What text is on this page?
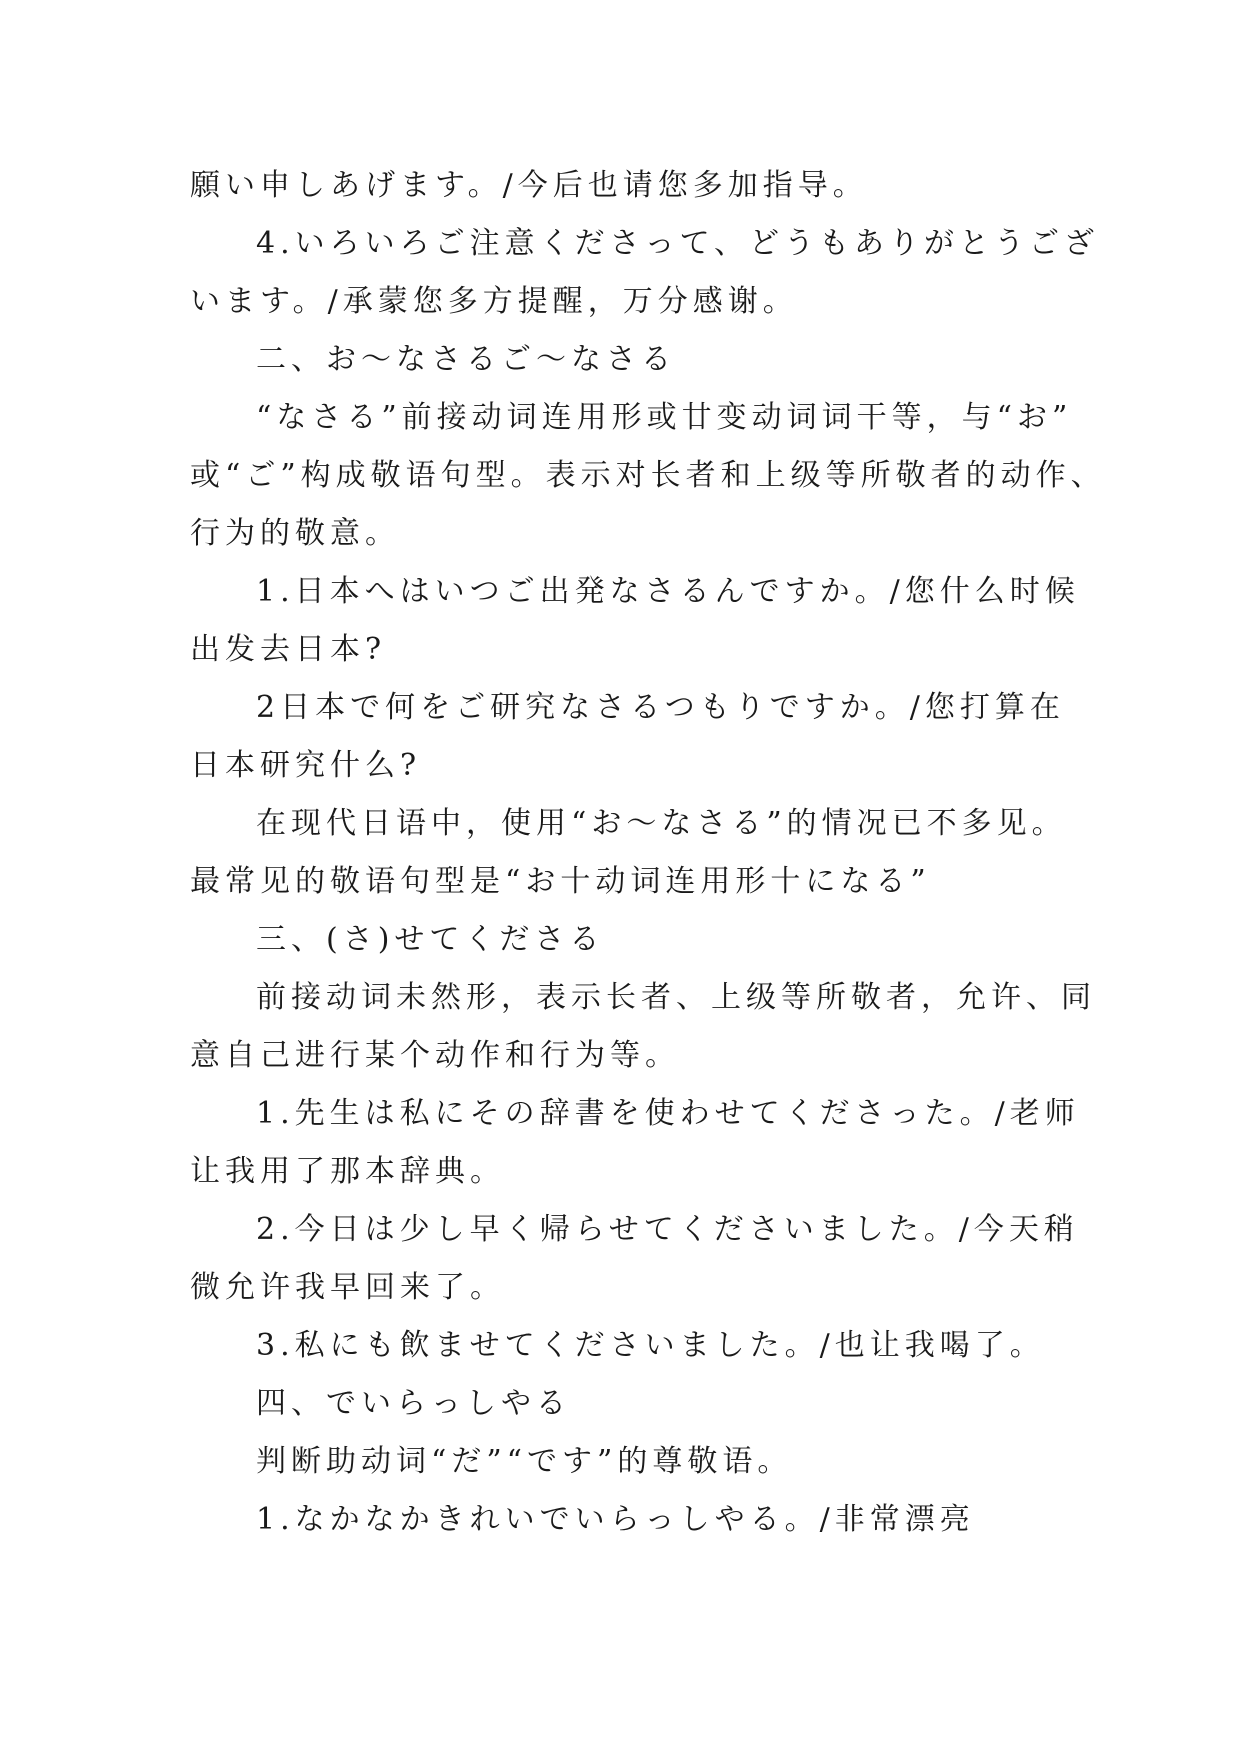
願い申しあげます。/今后也请您多加指导。
4.いろいろご注意くださって、どうもありがとうござ
います。/承蒙您多方提醒，万分感谢。
二、お～なさるご～なさる
“なさる”前接动词连用形或廿变动词词干等，与“お”
或“ご”构成敬语句型。表示对长者和上级等所敬者的动作、
行为的敬意。
1.日本へはいつご出発なさるんですか。/您什么时候
出发去日本?
2日本で何をご研究なさるつもりですか。/您打算在
日本研究什么?
在现代日语中，使用“お～なさる”的情况已不多见。
最常见的敬语句型是“お十动词连用形十になる”
三、(さ)せてくださる
前接动词未然形，表示长者、上级等所敬者，允许、同
意自己进行某个动作和行为等。
1.先生は私にその辞書を使わせてくださった。/老师
让我用了那本辞典。
2.今日は少し早く帰らせてくださいました。/今天稍
微允许我早回来了。
3.私にも飲ませてくださいました。/也让我喝了。
四、でいらっしやる
判断助动词“だ”“です”的尊敬语。
1.なかなかきれいでいらっしやる。/非常漂亮
